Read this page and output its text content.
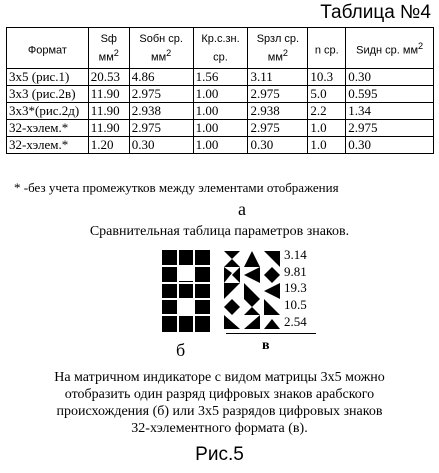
Таблица №4
Формат	Sф $мм^2$	Sобн ср. $мм^2$	Кр.с.зн. ср.	Sрзл ср. $мм^2$	n ср.	Sидн ср. $мм^2$
3x5 (рис.1)	20.53	4.86	1.56	3.11	10.3	0.30
3x3 (рис.2в)	11.90	2.975	1.00	2.975	5.0	0.595
3x3*(рис.2д)	11.90	2.938	1.00	2.938	2.2	1.34
32-хэлем.*	11.90	2.975	1.00	2.975	1.0	2.975
32-хэлем.*	1.20	0.30	1.00	0.30	1.0	0.30
* -без учета промежутков между элементами отображения
а
Сравнительная таблица параметров знаков.
б
3.14
9.81
19.3
10.5
2.54
в
На матричном индикаторе с видом матрицы 3x5 можно
отобразить один разряд цифровых знаков арабского
происхождения (б) или 3x5 разрядов цифровых знаков
32-хэлементного формата (в).
Рис.5
